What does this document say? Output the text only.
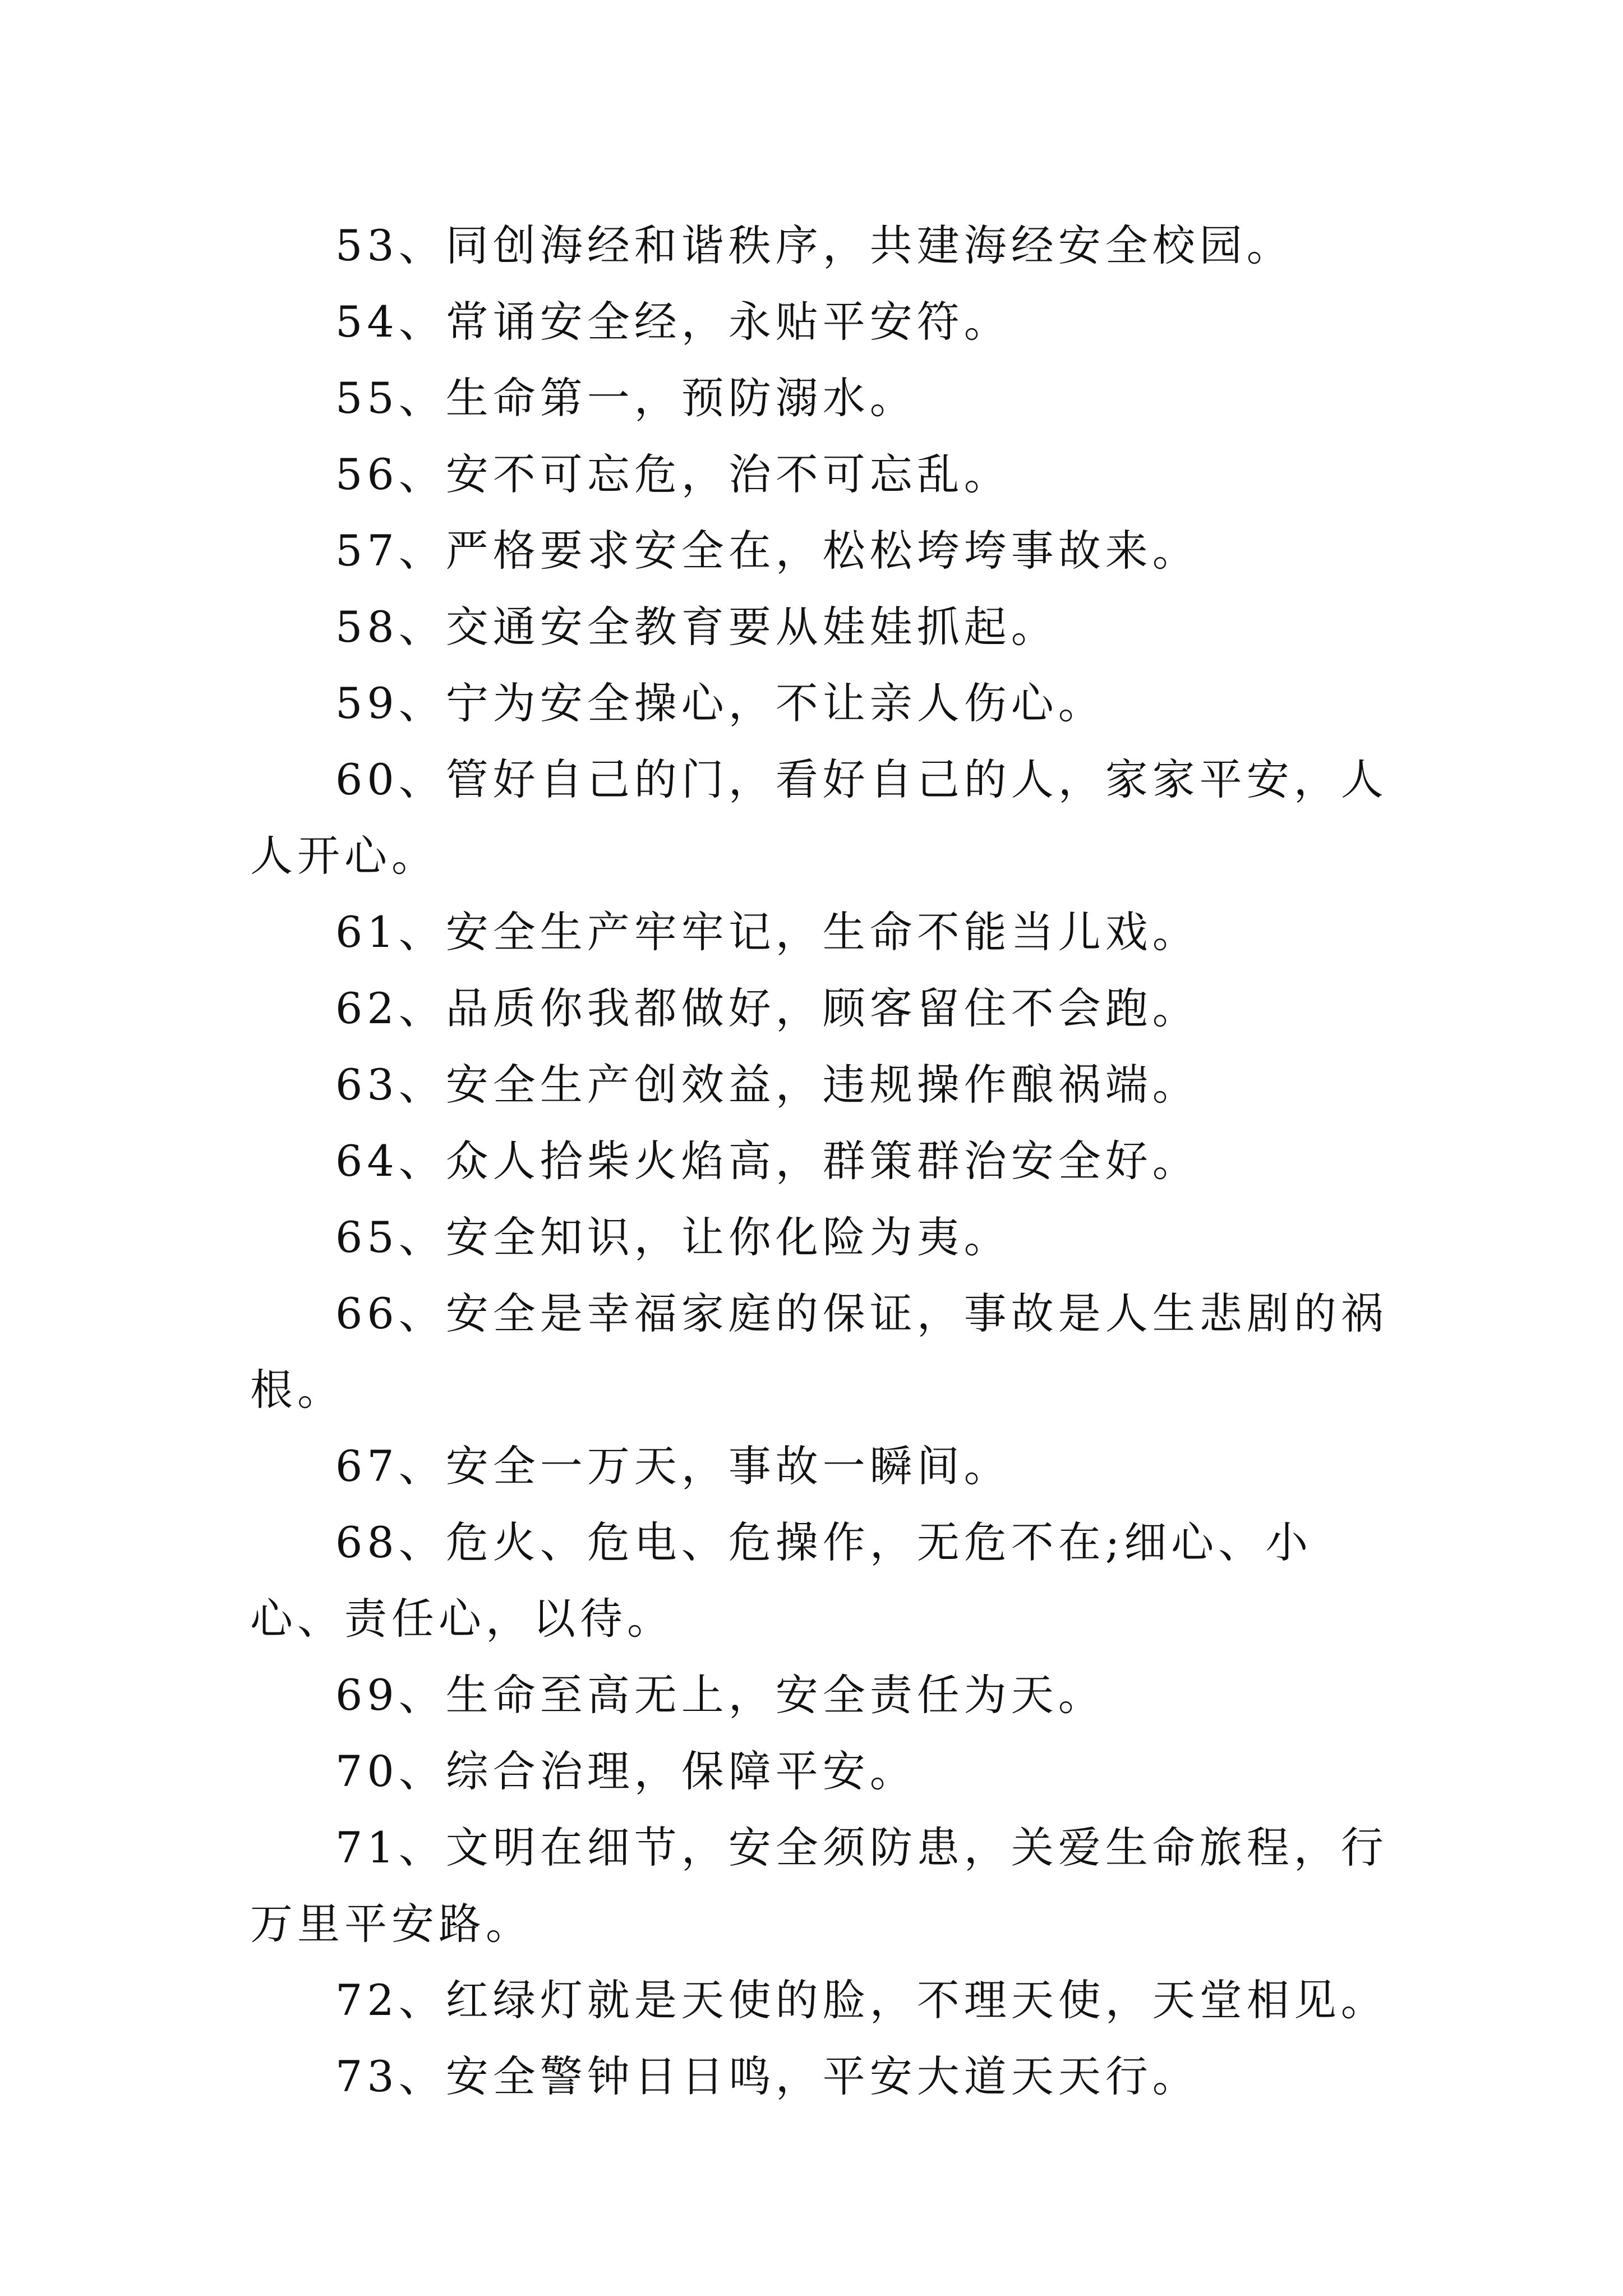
53、同创海经和谐秩序，共建海经安全校园。

54、常诵安全经，永贴平安符。

55、生命第一，预防溺水。

56、安不可忘危，治不可忘乱。

57、严格要求安全在，松松垮垮事故来。

58、交通安全教育要从娃娃抓起。

59、宁为安全操心，不让亲人伤心。

60、管好自己的门，看好自己的人，家家平安，人人开心。

61、安全生产牢牢记，生命不能当儿戏。

62、品质你我都做好，顾客留住不会跑。

63、安全生产创效益，违规操作酿祸端。

64、众人拾柴火焰高，群策群治安全好。

65、安全知识，让你化险为夷。

66、安全是幸福家庭的保证，事故是人生悲剧的祸根。

67、安全一万天，事故一瞬间。

68、危火、危电、危操作，无危不在;细心、小心、责任心，以待。

69、生命至高无上，安全责任为天。

70、综合治理，保障平安。

71、文明在细节，安全须防患，关爱生命旅程，行万里平安路。

72、红绿灯就是天使的脸，不理天使，天堂相见。

73、安全警钟日日鸣，平安大道天天行。
